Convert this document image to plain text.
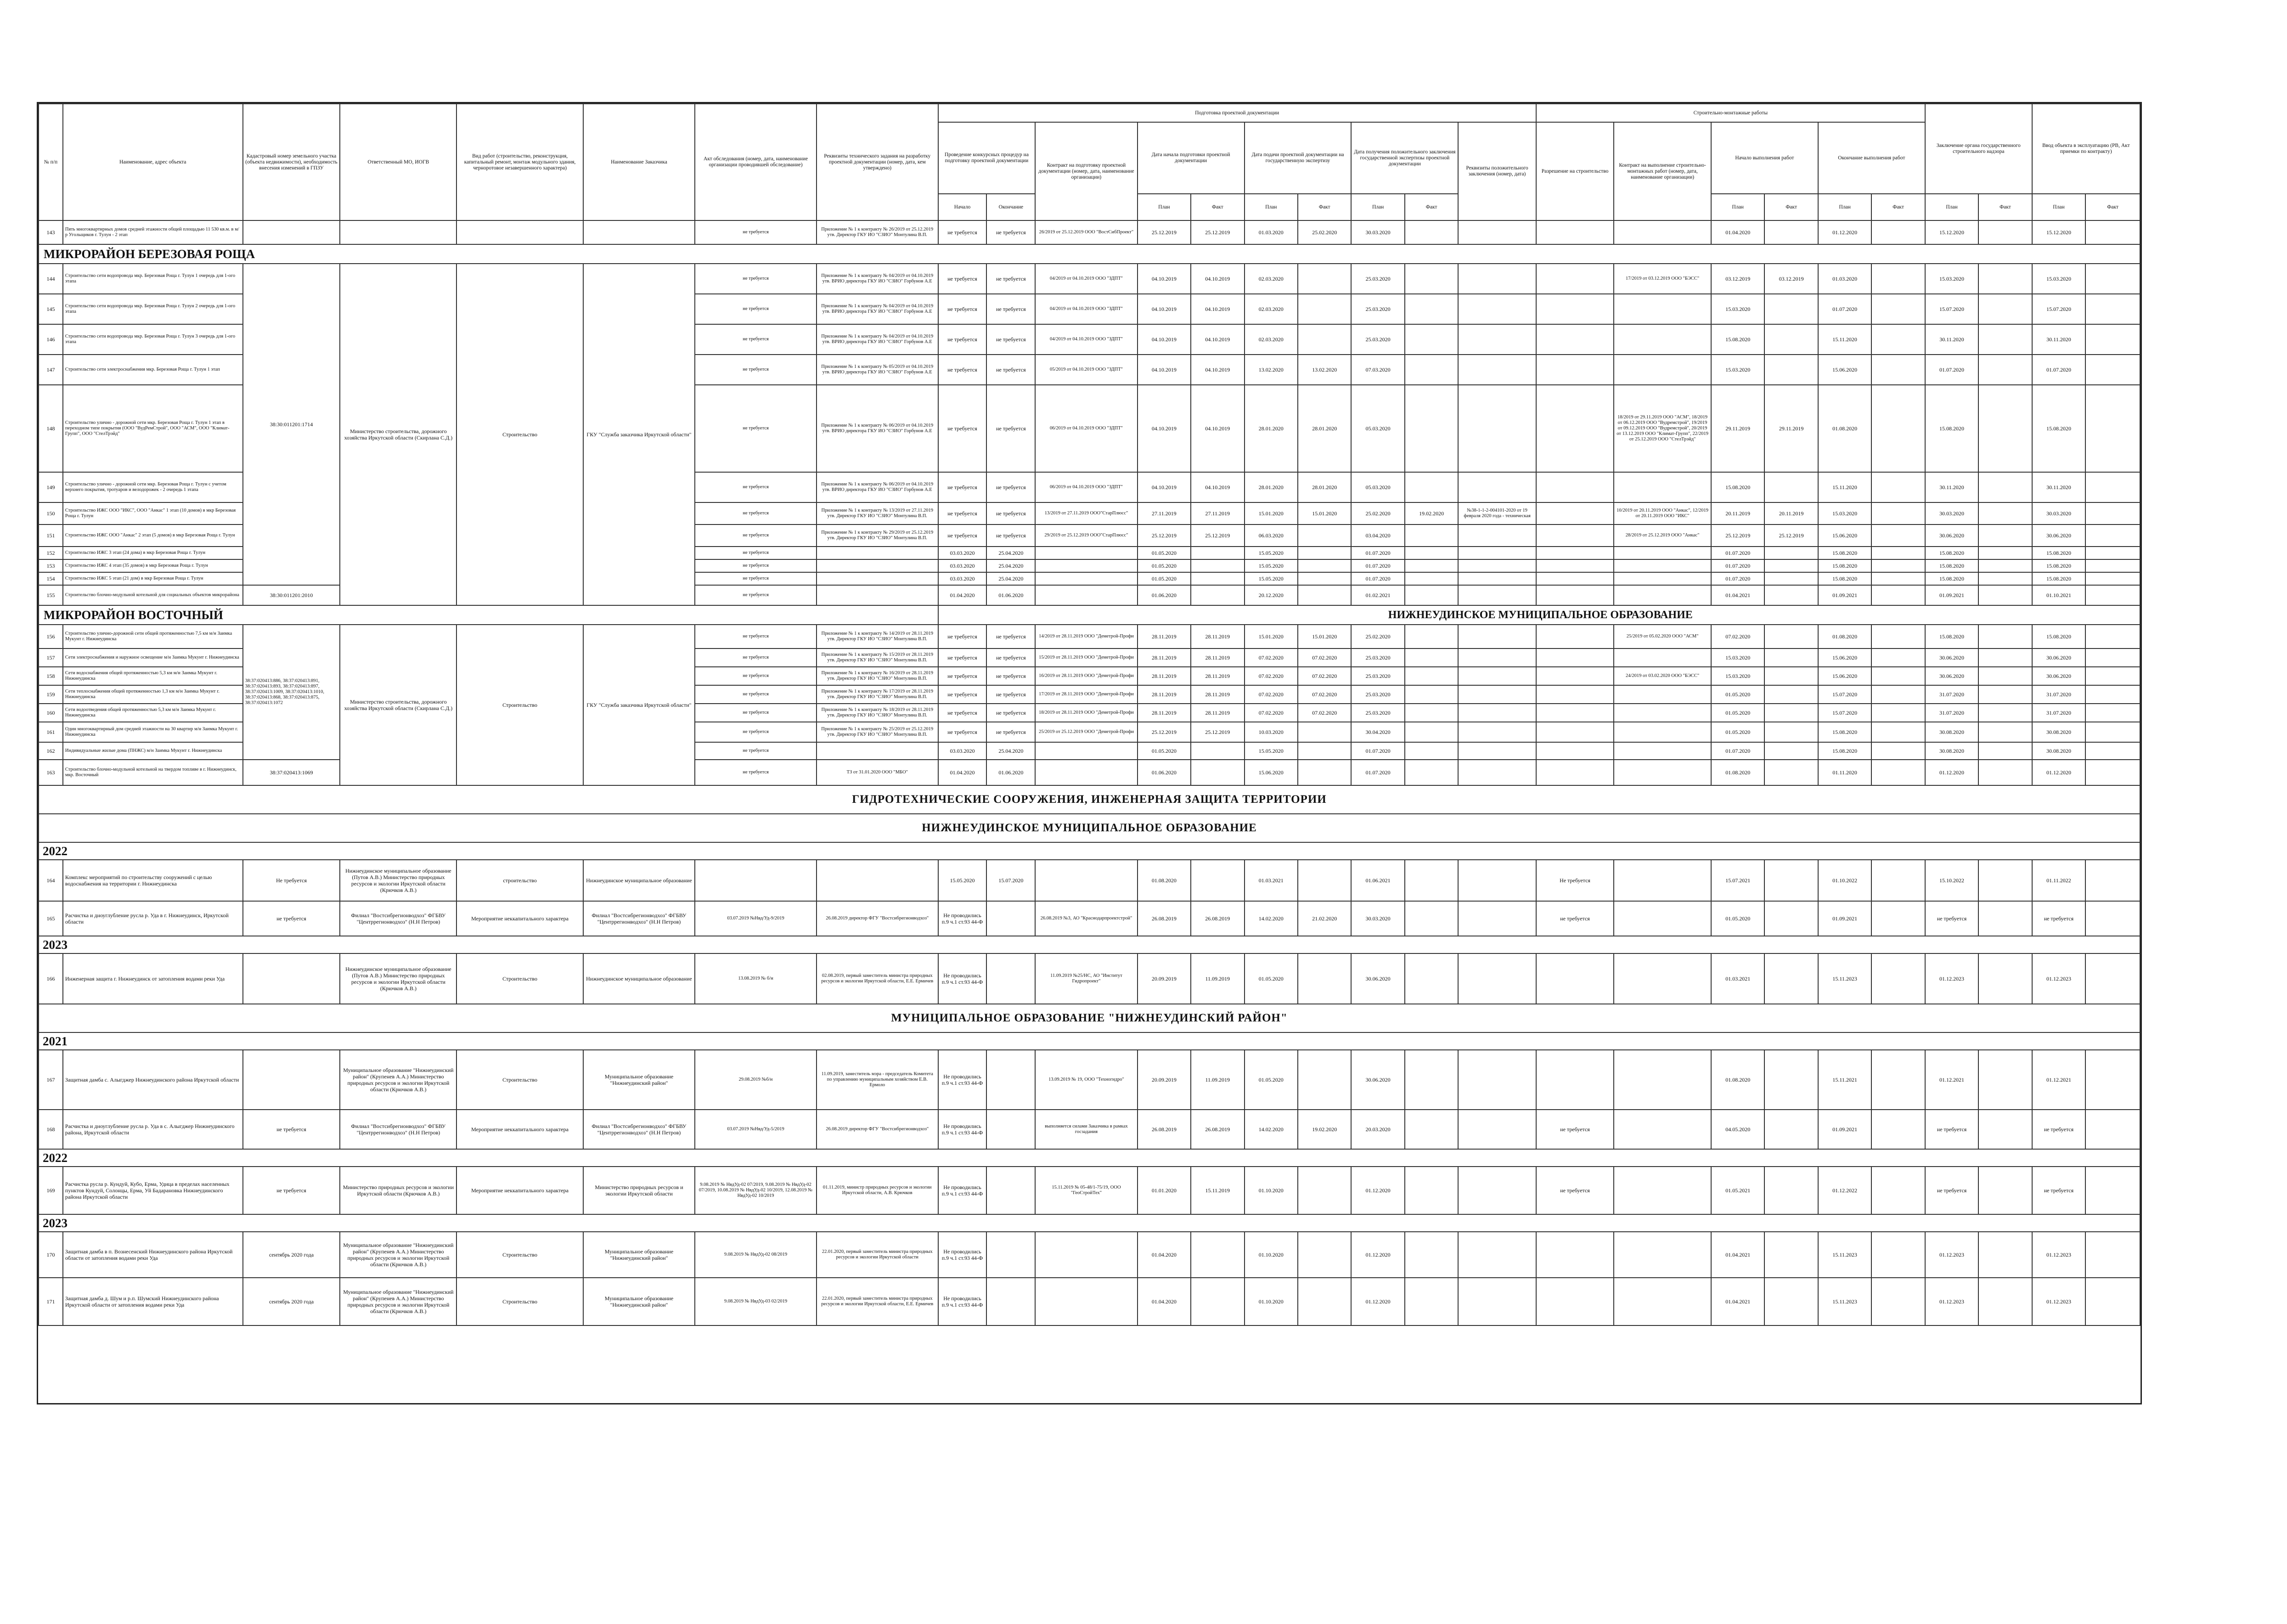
№ п/п	Наименование, адрес объекта	Кадастровый номер земельного участка (объекта недвижимости), необходимость внесения изменений в ГПЗУ	Ответственный МО, ИОГВ	Вид работ (строительство, реконструкция, капитальный ремонт, монтаж модульного здания, черноротовое незавершенного характера)	Наименование Заказчика	Акт обследования (номер, дата, наименование организации проводившей обследование)	Реквизиты технического задания на разработку проектной документации (номер, дата, кем утверждено)	Подготовка проектной документации										Строительно-монтажные работы						Заключение органа государственного строительного надзора		Ввод объекта в эксплуатацию (РВ, Акт приемки по контракту)	
								Проведение конкурсных процедур на подготовку проектной документации		Контракт на подготовку проектной документации (номер, дата, наименование организации)	Дата начала подготовки проектной документации		Дата подачи проектной документации на государственную экспертизу		Дата получения положительного заключения государственной экспертизы проектной документации		Реквизиты положительного заключения (номер, дата)	Разрешение на строительство	Контракт на выполнение строительно-монтажных работ (номер, дата, наименование организации)	Начало выполнения работ		Окончание выполнения работ					
								Начало	Окончание		План	Факт	План	Факт	План	Факт				План	Факт	План	Факт	План	Факт	План	Факт
143	Пять многоквартирных домов средней этажности общей площадью 11 530 кв.м. в м/р Угольщиков г. Тулун - 2 этап					не требуется	Приложение № 1 к контракту № 26/2019 от 25.12.2019 утв. Директор ГКУ ИО "СЗИО" Монтулина В.П.	не требуется	не требуется	26/2019 от 25.12.2019 ООО "ВостСибПроект"	25.12.2019	25.12.2019	01.03.2020	25.02.2020	30.03.2020					01.04.2020		01.12.2020		15.12.2020		15.12.2020	
МИКРОРАЙОН БЕРЕЗОВАЯ РОЩА																											
144	Строительство сети водопровода мкр. Березовая Роща г. Тулун 1 очередь для 1-ого этапа	38:30:011201:1714	Министерство строительства, дорожного хозяйства Иркутской области (Скирлана С.Д.)	Строительство	ГКУ "Служба заказчика Иркутской области"	не требуется	Приложение № 1 к контракту № 04/2019 от 04.10.2019 утв. ВРИО директора ГКУ ИО "СЗИО" Горбунов А.Е	не требуется	не требуется	04/2019 от 04.10.2019 ООО "ЗДПТ"	04.10.2019	04.10.2019	02.03.2020		25.03.2020				17/2019 от 03.12.2019 ООО "БЭСС"	03.12.2019	03.12.2019	01.03.2020		15.03.2020		15.03.2020	
145	Строительство сети водопровода мкр. Березовая Роща г. Тулун 2 очередь для 1-ого этапа					не требуется	Приложение № 1 к контракту № 04/2019 от 04.10.2019 утв. ВРИО директора ГКУ ИО "СЗИО" Горбунов А.Е	не требуется	не требуется	04/2019 от 04.10.2019 ООО "ЗДПТ"	04.10.2019	04.10.2019	02.03.2020		25.03.2020					15.03.2020		01.07.2020		15.07.2020		15.07.2020	
146	Строительство сети водопровода мкр. Березовая Роща г. Тулун 3 очередь для 1-ого этапа					не требуется	Приложение № 1 к контракту № 04/2019 от 04.10.2019 утв. ВРИО директора ГКУ ИО "СЗИО" Горбунов А.Е	не требуется	не требуется	04/2019 от 04.10.2019 ООО "ЗДПТ"	04.10.2019	04.10.2019	02.03.2020		25.03.2020					15.08.2020		15.11.2020		30.11.2020		30.11.2020	
147	Строительство сети электроснабжения мкр. Березовая Роща г. Тулун 1 этап					не требуется	Приложение № 1 к контракту № 05/2019 от 04.10.2019 утв. ВРИО директора ГКУ ИО "СЗИО" Горбунов А.Е	не требуется	не требуется	05/2019 от 04.10.2019 ООО "ЗДПТ"	04.10.2019	04.10.2019	13.02.2020	13.02.2020	07.03.2020					15.03.2020		15.06.2020		01.07.2020		01.07.2020	
148	Строительство улично - дорожной сети мкр. Березовая Роща г. Тулун 1 этап в переходном типе покрытия (ООО "ВудРемСтрой", ООО "АСМ", ООО "Климат-Групп", ООО "СтелТрэйд"					не требуется	Приложение № 1 к контракту № 06/2019 от 04.10.2019 утв. ВРИО директора ГКУ ИО "СЗИО" Горбунов А.Е	не требуется	не требуется	06/2019 от 04.10.2019 ООО "ЗДПТ"	04.10.2019	04.10.2019	28.01.2020	28.01.2020	05.03.2020				18/2019 от 29.11.2019 ООО "АСМ", 18/2019 от 06.12.2019 ООО "Вудремстрой", 19/2019 от 09.12.2019 ООО "Вудремстрой", 20/2019 от 13.12.2019 ООО "Климат-Групп", 22/2019 от 25.12.2019 ООО "СтелТрэйд"	29.11.2019	29.11.2019	01.08.2020		15.08.2020		15.08.2020	
149	Строительство улично - дорожной сети мкр. Березовая Роща г. Тулун с учетом верхнего покрытия, тротуаров и велодорожек - 2 очередь 1 этапа					не требуется	Приложение № 1 к контракту № 06/2019 от 04.10.2019 утв. ВРИО директора ГКУ ИО "СЗИО" Горбунов А.Е	не требуется	не требуется	06/2019 от 04.10.2019 ООО "ЗДПТ"	04.10.2019	04.10.2019	28.01.2020	28.01.2020	05.03.2020					15.08.2020		15.11.2020		30.11.2020		30.11.2020	
150	Строительство ИЖС ООО "ИКС", ООО "Анкас" 1 этап (10 домов) в мкр Березовая Роща г. Тулун					не требуется	Приложение № 1 к контракту № 13/2019 от 27.11.2019 утв. Директор ГКУ ИО "СЗИО" Монтулина В.П.	не требуется	не требуется	13/2019 от 27.11.2019 ООО"СтарПлюсс"	27.11.2019	27.11.2019	15.01.2020	15.01.2020	25.02.2020	19.02.2020	№38-1-1-2-004101-2020 от 19 февраля 2020 года - техническая		10/2019 от 20.11.2019 ООО "Анкас", 12/2019 от 20.11.2019 ООО "ИКС"	20.11.2019	20.11.2019	15.03.2020		30.03.2020		30.03.2020	
151	Строительство ИЖС ООО "Анкас" 2 этап (5 домов) в мкр Березовая Роща г. Тулун					не требуется	Приложение № 1 к контракту № 29/2019 от 25.12.2019 утв. Директор ГКУ ИО "СЗИО" Монтулина В.П.	не требуется	не требуется	29/2019 от 25.12.2019 ООО"СтарПлюсс"	25.12.2019	25.12.2019	06.03.2020		03.04.2020				28/2019 от 25.12.2019 ООО "Анкас"	25.12.2019	25.12.2019	15.06.2020		30.06.2020		30.06.2020	
152	Строительство ИЖС 3 этап (24 дома) в мкр Березовая Роща г. Тулун					не требуется		03.03.2020	25.04.2020		01.05.2020		15.05.2020		01.07.2020					01.07.2020		15.08.2020		15.08.2020		15.08.2020	
153	Строительство ИЖС 4 этап (35 домов) в мкр Березовая Роща г. Тулун					не требуется		03.03.2020	25.04.2020		01.05.2020		15.05.2020		01.07.2020					01.07.2020		15.08.2020		15.08.2020		15.08.2020	
154	Строительство ИЖС 5 этап (21 дом) в мкр Березовая Роща г. Тулун					не требуется		03.03.2020	25.04.2020		01.05.2020		15.05.2020		01.07.2020					01.07.2020		15.08.2020		15.08.2020		15.08.2020	
155	Строительство блочно-модульной котельной для социальных объектов микрорайона	38:30:011201:2010				не требуется		01.04.2020	01.06.2020		01.06.2020		20.12.2020		01.02.2021					01.04.2021		01.09.2021		01.09.2021		01.10.2021	
МИКРОРАЙОН ВОСТОЧНЫЙ								НИЖНЕУДИНСКОЕ МУНИЦИПАЛЬНОЕ ОБРАЗОВАНИЕ																			
156	Строительство улично-дорожной сети общей протяженностью 7,5 км м/н Заимка Мукунт г. Нижнеудинска	38:37:020413:886, 38:37:020413:891, 38:37:020413:893, 38:37:020413:897, 38:37:020413:1009, 38:37:020413:1010, 38:37:020413:868, 38:37:020413:875, 38:37:020413:1072	Министерство строительства, дорожного хозяйства Иркутской области (Скирлана С.Д.)	Строительство	ГКУ "Служба заказчика Иркутской области"	не требуется	Приложение № 1 к контракту № 14/2019 от 28.11.2019 утв. Директор ГКУ ИО "СЗИО" Монтулина В.П.	не требуется	не требуется	14/2019 от 28.11.2019 ООО "Деметрой-Профи	28.11.2019	28.11.2019	15.01.2020	15.01.2020	25.02.2020				25/2019 от 05.02.2020 ООО "АСМ"	07.02.2020		01.08.2020		15.08.2020		15.08.2020	
157	Сети электроснабжения и наружное освещение м/н Заимка Мукунт г. Нижнеудинска					не требуется	Приложение № 1 к контракту № 15/2019 от 28.11.2019 утв. Директор ГКУ ИО "СЗИО" Монтулина В.П.	не требуется	не требуется	15/2019 от 28.11.2019 ООО "Деметрой-Профи	28.11.2019	28.11.2019	07.02.2020	07.02.2020	25.03.2020					15.03.2020		15.06.2020		30.06.2020		30.06.2020	
158	Сети водоснабжения общей протяженностью 5,3 км м/н Заимка Мукунт г. Нижнеудинска					не требуется	Приложение № 1 к контракту № 16/2019 от 28.11.2019 утв. Директор ГКУ ИО "СЗИО" Монтулина В.П.	не требуется	не требуется	16/2019 от 28.11.2019 ООО "Деметрой-Профи	28.11.2019	28.11.2019	07.02.2020	07.02.2020	25.03.2020				24/2019 от 03.02.2020 ООО "БЭСС"	15.03.2020		15.06.2020		30.06.2020		30.06.2020	
159	Сети теплоснабжения общей протяженностью 1,3 км м/н Заимка Мукунт г. Нижнеудинска					не требуется	Приложение № 1 к контракту № 17/2019 от 28.11.2019 утв. Директор ГКУ ИО "СЗИО" Монтулина В.П.	не требуется	не требуется	17/2019 от 28.11.2019 ООО "Деметрой-Профи	28.11.2019	28.11.2019	07.02.2020	07.02.2020	25.03.2020					01.05.2020		15.07.2020		31.07.2020		31.07.2020	
160	Сети водоотведения общей протяженностью 5,3 км м/н Заимка Мукунт г. Нижнеудинска					не требуется	Приложение № 1 к контракту № 18/2019 от 28.11.2019 утв. Директор ГКУ ИО "СЗИО" Монтулина В.П.	не требуется	не требуется	18/2019 от 28.11.2019 ООО "Деметрой-Профи	28.11.2019	28.11.2019	07.02.2020	07.02.2020	25.03.2020					01.05.2020		15.07.2020		31.07.2020		31.07.2020	
161	Один многоквартирный дом средней этажности на 30 квартир м/н Заимка Мукунт г. Нижнеудинска					не требуется	Приложение № 1 к контракту № 25/2019 от 25.12.2019 утв. Директор ГКУ ИО "СЗИО" Монтулина В.П.	не требуется	не требуется	25/2019 от 25.12.2019 ООО "Деметрой-Профи	25.12.2019	25.12.2019	10.03.2020		30.04.2020					01.05.2020		15.08.2020		30.08.2020		30.08.2020	
162	Индивидуальные жилые дома (ПНЖС) м/н Заимка Мукунт г. Нижнеудинска					не требуется		03.03.2020	25.04.2020		01.05.2020		15.05.2020		01.07.2020					01.07.2020		15.08.2020		30.08.2020		30.08.2020	
163	Строительство блочно-модульной котельной на твердом топливе в г. Нижнеудинск, мкр. Восточный	38:37:020413:1069				не требуется	ТЗ от 31.01.2020 ООО "МБО"	01.04.2020	01.06.2020		01.06.2020		15.06.2020		01.07.2020					01.08.2020		01.11.2020		01.12.2020		01.12.2020	
ГИДРОТЕХНИЧЕСКИЕ СООРУЖЕНИЯ, ИНЖЕНЕРНАЯ ЗАЩИТА ТЕРРИТОРИИ																											
НИЖНЕУДИНСКОЕ МУНИЦИПАЛЬНОЕ ОБРАЗОВАНИЕ																											
2022																											
164	Комплекс мероприятий по строительству сооружений с целью водоснабжения на территории г. Нижнеудинска	Не требуется	Нижнеудинское муниципальное образование (Путов А.В.) Министерство природных ресурсов и экологии Иркутской области (Крючков А.В.)	строительство	Нижнеудинское муниципальное образование			15.05.2020	15.07.2020		01.08.2020		01.03.2021		01.06.2021			Не требуется		15.07.2021		01.10.2022		15.10.2022		01.11.2022	
165	Расчистка и дноуглубление русла р. Уда в г. Нижнеудинск, Иркутской области	не требуется	Филиал "Востсибрегионводхоз" ФГБВУ "Центррегионводхоз" (Н.Н Петров)	Мероприятие неккапитального характера	Филиал "Востсибрегионводхоз" ФГБВУ "Центррегионводхоз" (Н.Н Петров)	03.07.2019 №Нвд/Уд-9/2019	26.08.2019 директор ФГУ "Востсибрегионводхоз"	Не проводились п.9 ч.1 ст.93 44-Ф		26.08.2019 №3, АО "Краснодарпроектстрой"	26.08.2019	26.08.2019	14.02.2020	21.02.2020	30.03.2020			не требуется		01.05.2020		01.09.2021		не требуется		не требуется	
2023																											
166	Инженерная защита г. Нижнеудинск от затопления водами реки Уда		Нижнеудинское муниципальное образование (Путов А.В.) Министерство природных ресурсов и экологии Иркутской области (Крючков А.В.)	Строительство	Нижнеудинское муниципальное образование	13.08.2019 № б/н	02.08.2019, первый заместитель министра природных ресурсов и экологии Иркутской области, Е.Е. Ермичев	Не проводились п.9 ч.1 ст.93 44-Ф		11.09.2019 №25/НС, АО "Институт Гидропроект"	20.09.2019	11.09.2019	01.05.2020		30.06.2020					01.03.2021		15.11.2023		01.12.2023		01.12.2023	
МУНИЦИПАЛЬНОЕ ОБРАЗОВАНИЕ "НИЖНЕУДИНСКИЙ РАЙОН"																											
2021																											
167	Защитная дамба с. Алыгджер Нижнеудинского района Иркутской области		Муниципальное образование "Нижнеудинский район" (Крупенев А.А.) Министерство природных ресурсов и экологии Иркутской области (Крючков А.В.)	Строительство	Муниципальное образование "Нижнеудинский район"	29.08.2019 №б/н	11.09.2019, заместитель мэра - председатель Комитета по управлению муниципальным хозяйством Е.В. Ермоло	Не проводились п.9 ч.1 ст.93 44-Ф		13.09.2019 № 19, ООО "Техногидро"	20.09.2019	11.09.2019	01.05.2020		30.06.2020					01.08.2020		15.11.2021		01.12.2021		01.12.2021	
168	Расчистка и дноуглубление русла р. Уда в с. Алыгджер Нижнеудинского района, Иркутской области	не требуется	Филиал "Востсибрегионводхоз" ФГБВУ "Центррегионводхоз" (Н.Н Петров)	Мероприятие неккапитального характера	Филиал "Востсибрегионводхоз" ФГБВУ "Центррегионводхоз" (Н.Н Петров)	03.07.2019 №Нвд/Уд-5/2019	26.08.2019 директор ФГУ "Востсибрегионводхоз"	Не проводились п.9 ч.1 ст.93 44-Ф		выполняется силами Заказчика в рамках госзадания	26.08.2019	26.08.2019	14.02.2020	19.02.2020	20.03.2020			не требуется		04.05.2020		01.09.2021		не требуется		не требуется	
2022																											
169	Расчистка русла р. Кундуй, Кубо, Ерма, Удица в пределах населенных пунктов Кундуй, Солонцы, Ерма, Уй Бадарановка Нижнеудинского района Иркутской области	не требуется	Министерство природных ресурсов и экологии Иркутской области (Крючков А.В.)	Мероприятие неккапитального характера	Министерство природных ресурсов и экологии Иркутской области	9.08.2019 № НвдУд-02 07/2019, 9.08.2019 № НвдУд-02 07/2019, 10.08.2019 № НвдУд-02 10/2019, 12.08.2019 № НвдУд-02 10/2019	01.11.2019, министр природных ресурсов и экологии Иркутской области, А.В. Крючков	Не проводились п.9 ч.1 ст.93 44-Ф		15.11.2019 № 05-48/1-75/19, ООО "ГеоСтройТех"	01.01.2020	15.11.2019	01.10.2020		01.12.2020			не требуется		01.05.2021		01.12.2022		не требуется		не требуется	
2023																											
170	Защитная дамба в п. Вознесенский Нижнеудинского района Иркутской области от затопления водами реки Уда	сентябрь 2020 года	Муниципальное образование "Нижнеудинский район" (Крупенев А.А.) Министерство природных ресурсов и экологии Иркутской области (Крючков А.В.)	Строительство	Муниципальное образование "Нижнеудинский район"	9.08.2019 № НвдУд-02 08/2019	22.01.2020, первый заместитель министра природных ресурсов и экологии Иркутской области	Не проводились п.9 ч.1 ст.93 44-Ф			01.04.2020		01.10.2020		01.12.2020					01.04.2021		15.11.2023		01.12.2023		01.12.2023	
171	Защитная дамба д. Шум и р.п. Шумский Нижнеудинского района Иркутской области от затопления водами реки Уда	сентябрь 2020 года	Муниципальное образование "Нижнеудинский район" (Крупенев А.А.) Министерство природных ресурсов и экологии Иркутской области (Крючков А.В.)	Строительство	Муниципальное образование "Нижнеудинский район"	9.08.2019 № НвдУд-03 02/2019	22.01.2020, первый заместитель министра природных ресурсов и экологии Иркутской области, Е.Е. Ермичев	Не проводились п.9 ч.1 ст.93 44-Ф			01.04.2020		01.10.2020		01.12.2020					01.04.2021		15.11.2023		01.12.2023		01.12.2023	
